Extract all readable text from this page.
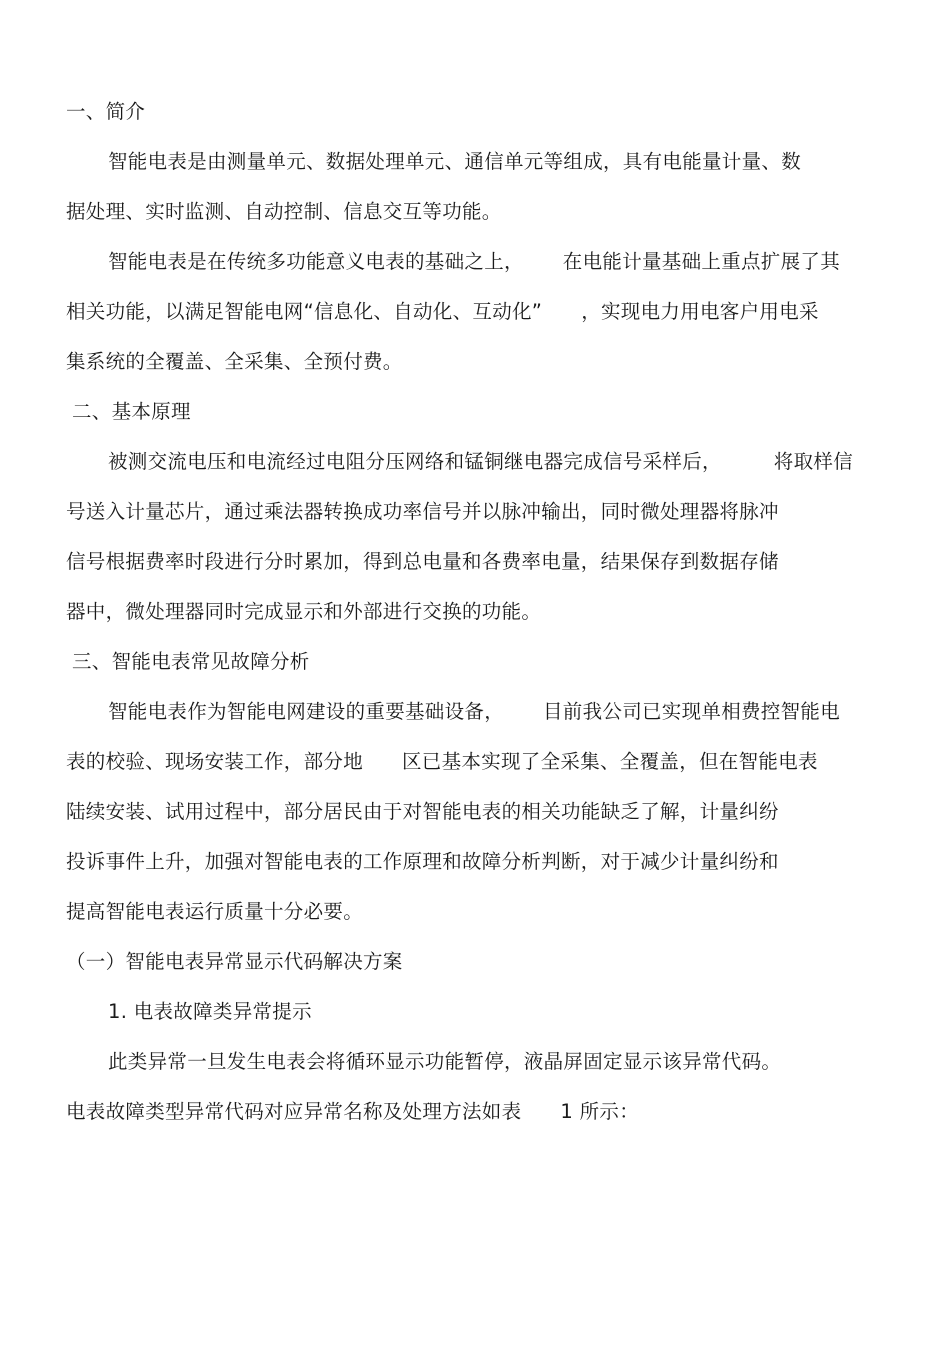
一、简介

智能电表是由测量单元、数据处理单元、通信单元等组成，具有电能量计量、数

据处理、实时监测、自动控制、信息交互等功能。

智能电表是在传统多功能意义电表的基础之上，      在电能计量基础上重点扩展了其

相关功能，以满足智能电网“信息化、自动化、互动化”      ，实现电力用电客户用电采

集系统的全覆盖、全采集、全预付费。

二、基本原理

被测交流电压和电流经过电阻分压网络和锰铜继电器完成信号采样后，        将取样信

号送入计量芯片，通过乘法器转换成功率信号并以脉冲输出，同时微处理器将脉冲

信号根据费率时段进行分时累加，得到总电量和各费率电量，结果保存到数据存储

器中，微处理器同时完成显示和外部进行交换的功能。

三、智能电表常见故障分析

智能电表作为智能电网建设的重要基础设备，      目前我公司已实现单相费控智能电

表的校验、现场安装工作，部分地      区已基本实现了全采集、全覆盖，但在智能电表

陆续安装、试用过程中，部分居民由于对智能电表的相关功能缺乏了解，计量纠纷

投诉事件上升，加强对智能电表的工作原理和故障分析判断，对于减少计量纠纷和

提高智能电表运行质量十分必要。

（一）智能电表异常显示代码解决方案

1. 电表故障类异常提示

此类异常一旦发生电表会将循环显示功能暂停，液晶屏固定显示该异常代码。

电表故障类型异常代码对应异常名称及处理方法如表      1 所示：
